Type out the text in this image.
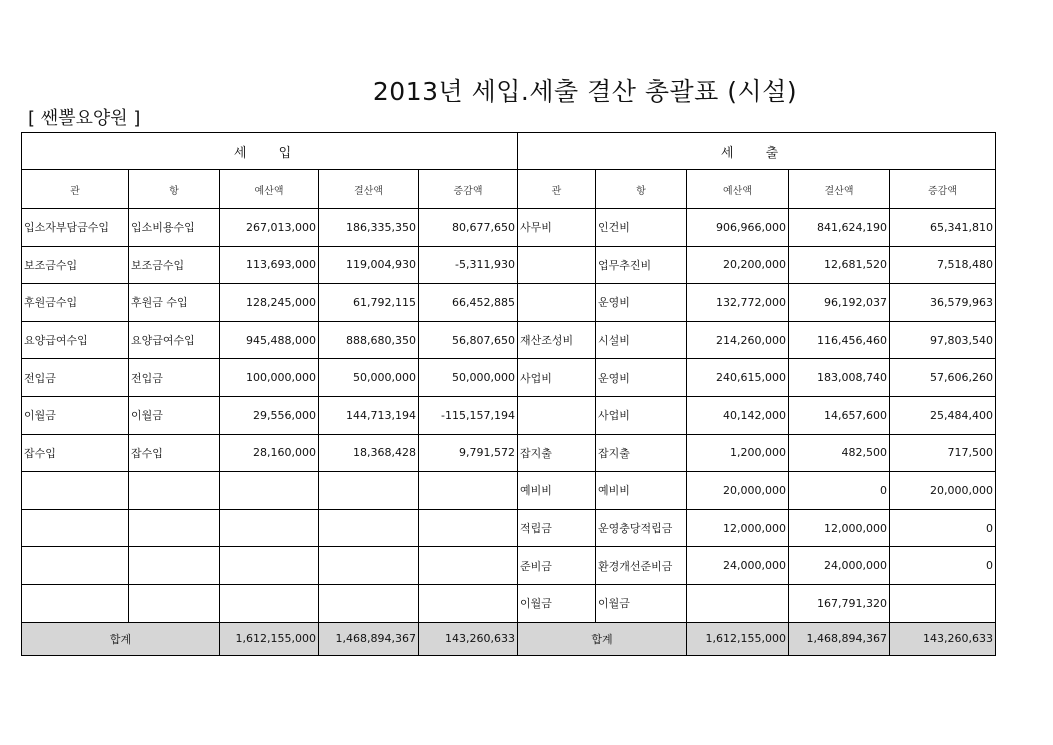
2013년 세입.세출 결산 총괄표 (시설)
[ 쌘뽈요양원 ]
세 입					세 출				
관	항	예산액	결산액	증감액	관	항	예산액	결산액	증감액
입소자부담금수입	입소비용수입	267,013,000	186,335,350	80,677,650	사무비	인건비	906,966,000	841,624,190	65,341,810
보조금수입	보조금수입	113,693,000	119,004,930	-5,311,930		업무추진비	20,200,000	12,681,520	7,518,480
후원금수입	후원금 수입	128,245,000	61,792,115	66,452,885		운영비	132,772,000	96,192,037	36,579,963
요양급여수입	요양급여수입	945,488,000	888,680,350	56,807,650	재산조성비	시설비	214,260,000	116,456,460	97,803,540
전입금	전입금	100,000,000	50,000,000	50,000,000	사업비	운영비	240,615,000	183,008,740	57,606,260
이월금	이월금	29,556,000	144,713,194	-115,157,194		사업비	40,142,000	14,657,600	25,484,400
잡수입	잡수입	28,160,000	18,368,428	9,791,572	잡지출	잡지출	1,200,000	482,500	717,500
					예비비	예비비	20,000,000	0	20,000,000
					적립금	운영충당적립금	12,000,000	12,000,000	0
					준비금	환경개선준비금	24,000,000	24,000,000	0
					이월금	이월금		167,791,320	
합계		1,612,155,000	1,468,894,367	143,260,633	합계		1,612,155,000	1,468,894,367	143,260,633
